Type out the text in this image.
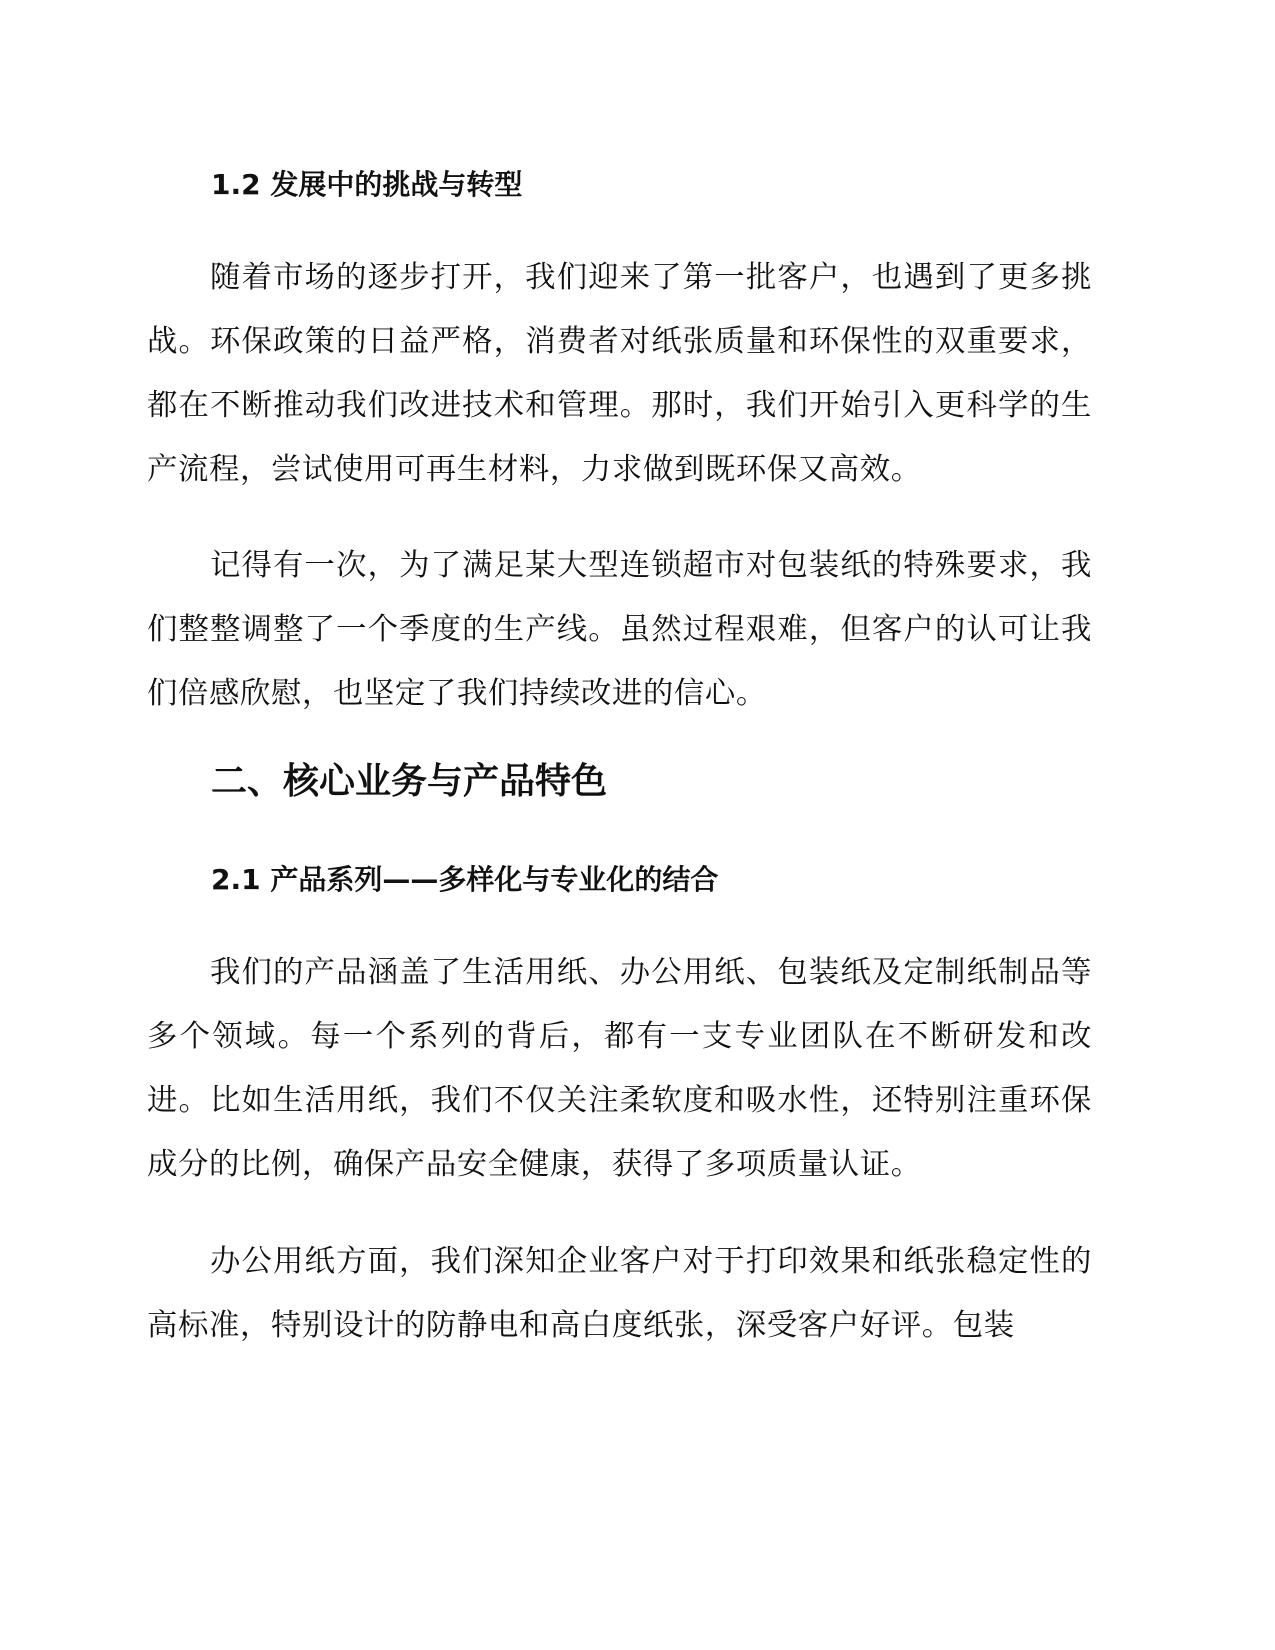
1.2 发展中的挑战与转型

随着市场的逐步打开，我们迎来了第一批客户，也遇到了更多挑战。环保政策的日益严格，消费者对纸张质量和环保性的双重要求，都在不断推动我们改进技术和管理。那时，我们开始引入更科学的生产流程，尝试使用可再生材料，力求做到既环保又高效。

记得有一次，为了满足某大型连锁超市对包装纸的特殊要求，我们整整调整了一个季度的生产线。虽然过程艰难，但客户的认可让我们倍感欣慰，也坚定了我们持续改进的信心。

二、核心业务与产品特色
2.1 产品系列——多样化与专业化的结合

我们的产品涵盖了生活用纸、办公用纸、包装纸及定制纸制品等多个领域。每一个系列的背后，都有一支专业团队在不断研发和改进。比如生活用纸，我们不仅关注柔软度和吸水性，还特别注重环保成分的比例，确保产品安全健康，获得了多项质量认证。

办公用纸方面，我们深知企业客户对于打印效果和纸张稳定性的高标准，特别设计的防静电和高白度纸张，深受客户好评。包装
